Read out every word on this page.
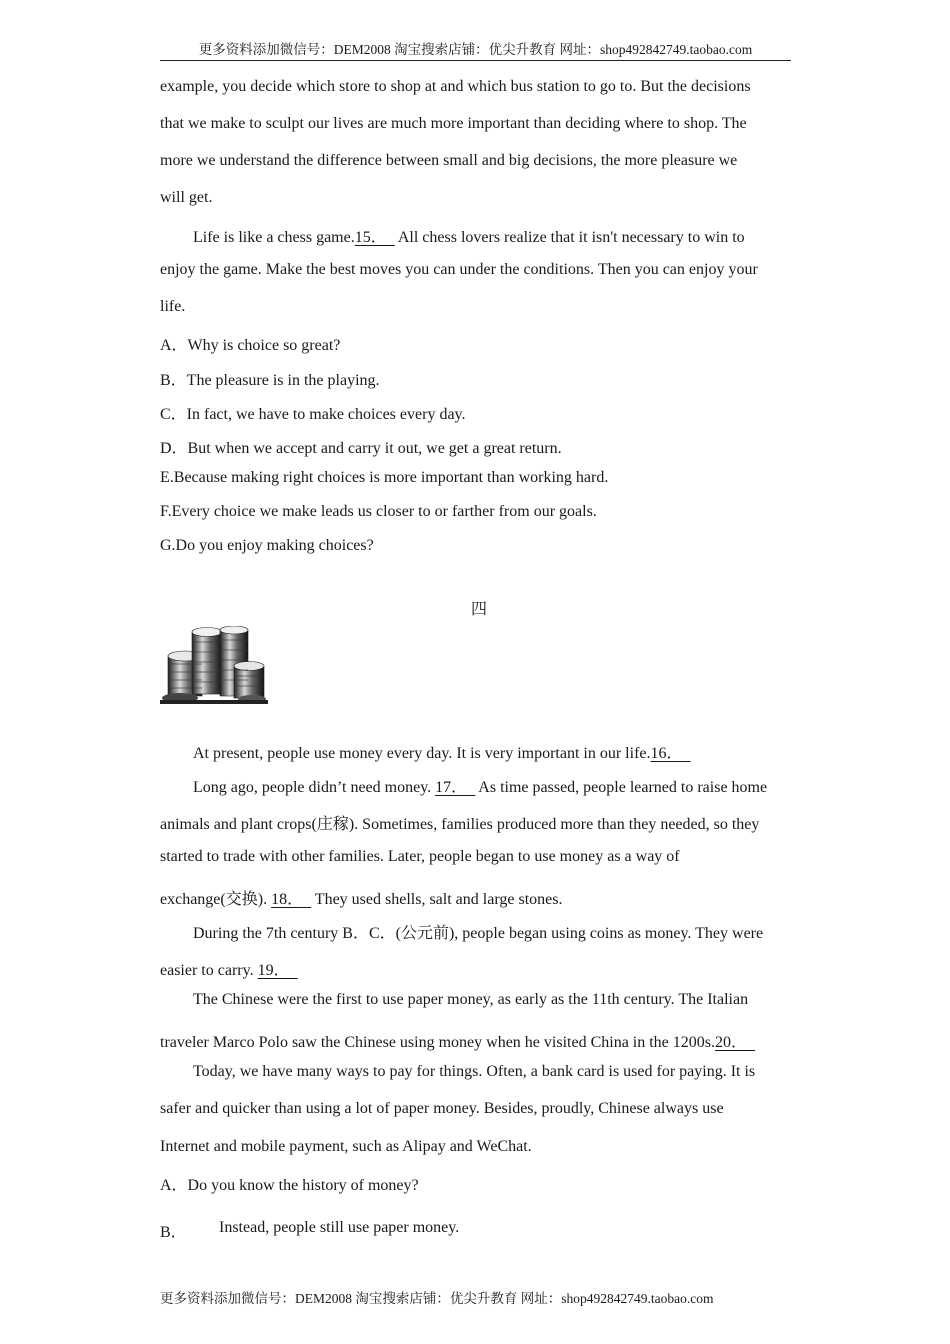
更多资料添加微信号：DEM2008 淘宝搜索店铺：优尖升教育 网址：shop492842749.taobao.com
example, you decide which store to shop at and which bus station to go to. But the decisions
that we make to sculpt our lives are much more important than deciding where to shop. The
more we understand the difference between small and big decisions, the more pleasure we
will get.
Life is like a chess game.15． All chess lovers realize that it isn't necessary to win to
enjoy the game. Make the best moves you can under the conditions. Then you can enjoy your
life.
A．Why is choice so great?
B．The pleasure is in the playing.
C．In fact, we have to make choices every day.
D．But when we accept and carry it out, we get a great return.
E.Because making right choices is more important than working hard.
F.Every choice we make leads us closer to or farther from our goals.
G.Do you enjoy making choices?
四
At present, people use money every day. It is very important in our life.16．
Long ago, people didn’t need money. 17． As time passed, people learned to raise home
animals and plant crops(庄稼). Sometimes, families produced more than they needed, so they
started to trade with other families. Later, people began to use money as a way of
exchange(交换). 18． They used shells, salt and large stones.
During the 7th century B．C．(公元前), people began using coins as money. They were
easier to carry. 19．
The Chinese were the first to use paper money, as early as the 11th century. The Italian
traveler Marco Polo saw the Chinese using money when he visited China in the 1200s.20．
Today, we have many ways to pay for things. Often, a bank card is used for paying. It is
safer and quicker than using a lot of paper money. Besides, proudly, Chinese always use
Internet and mobile payment, such as Alipay and WeChat.
A．Do you know the history of money?
B． Instead, people still use paper money.
更多资料添加微信号：DEM2008 淘宝搜索店铺：优尖升教育 网址：shop492842749.taobao.com
